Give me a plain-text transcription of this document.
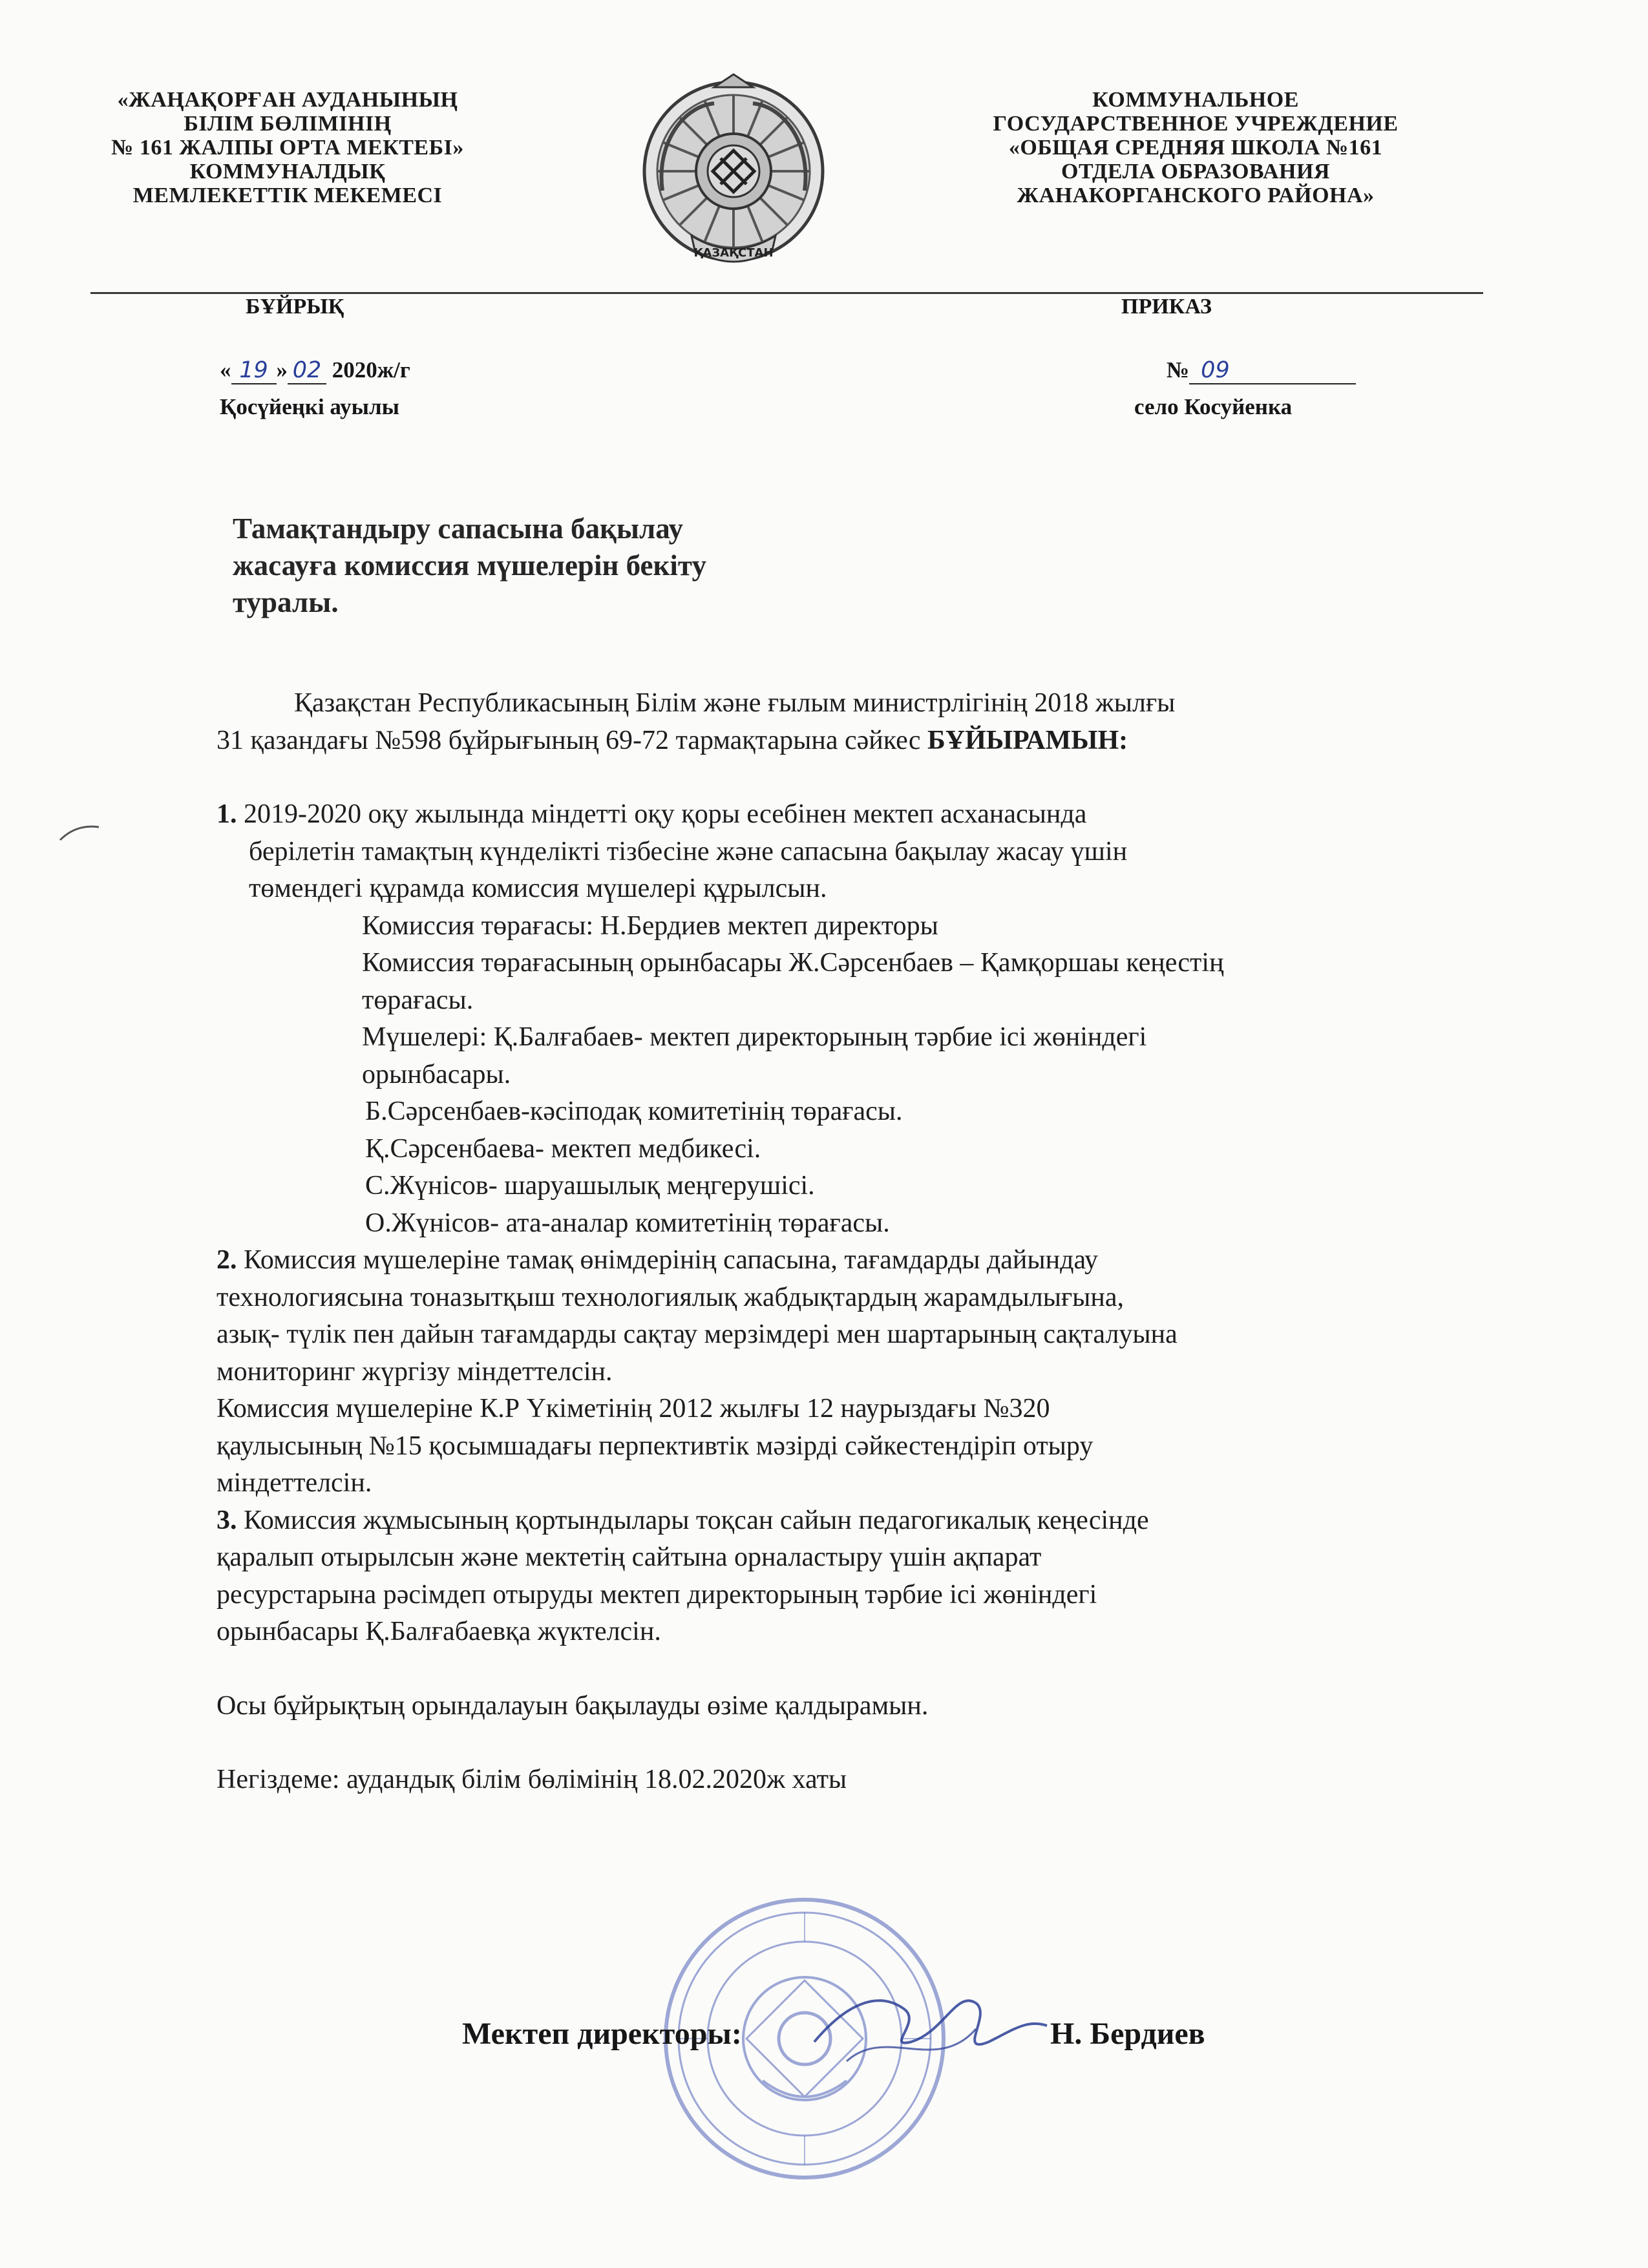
«ЖАҢАҚОРҒАН АУДАНЫНЫҢ
БІЛІМ БӨЛІМІНІҢ
№ 161 ЖАЛПЫ ОРТА МЕКТЕБІ»
КОММУНАЛДЫҚ
МЕМЛЕКЕТТІК МЕКЕМЕСІ
ҚАЗАҚСТАН
КОММУНАЛЬНОЕ
ГОСУДАРСТВЕННОЕ УЧРЕЖДЕНИЕ
«ОБЩАЯ СРЕДНЯЯ ШКОЛА №161
ОТДЕЛА ОБРАЗОВАНИЯ
ЖАНАКОРГАНСКОГО РАЙОНА»
БҰЙРЫҚ	ПРИКАЗ
« 19 » 02 2020ж/г	№ 09
Қосүйеңкі ауылы	село Косуйенка
Тамақтандыру сапасына бақылау
жасауға комиссия мүшелерін бекіту
туралы.
Қазақстан Республикасының Білім және ғылым министрлігінің 2018 жылғы
31 қазандағы №598 бұйрығының 69-72 тармақтарына сәйкес БҰЙЫРАМЫН:
1. 2019-2020 оқу жылында міндетті оқу қоры есебінен мектеп асханасында
берілетін тамақтың күнделікті тізбесіне және сапасына бақылау жасау үшін
төмендегі құрамда комиссия мүшелері құрылсын.
Комиссия төрағасы: Н.Бердиев мектеп директоры
Комиссия төрағасының орынбасары Ж.Сәрсенбаев – Қамқоршаы кеңестің
төрағасы.
Мүшелері: Қ.Балғабаев- мектеп директорының тәрбие ісі жөніндегі
орынбасары.
Б.Сәрсенбаев-кәсіподақ комитетінің төрағасы.
Қ.Сәрсенбаева- мектеп медбикесі.
С.Жүнісов- шаруашылық меңгерушісі.
О.Жүнісов- ата-аналар комитетінің төрағасы.
2. Комиссия мүшелеріне тамақ өнімдерінің сапасына, тағамдарды дайындау
технологиясына тоназытқыш технологиялық жабдықтардың жарамдылығына,
азық- түлік пен дайын тағамдарды сақтау мерзімдері мен шартарының сақталуына
мониторинг жүргізу міндеттелсін.
Комиссия мүшелеріне К.Р Үкіметінің 2012 жылғы 12 наурыздағы №320
қаулысының №15 қосымшадағы перпективтік мәзірді сәйкестендіріп отыру
міндеттелсін.
3. Комиссия жұмысының қортындылары тоқсан сайын педагогикалық кеңесінде
қаралып отырылсын және мектетің сайтына орналастыру үшін ақпарат
ресурстарына рәсімдеп отыруды мектеп директорының тәрбие ісі жөніндегі
орынбасары Қ.Балғабаевқа жүктелсін.
Осы бұйрықтың орындалауын бақылауды өзіме қалдырамын.
Негіздеме: аудандық білім бөлімінің 18.02.2020ж хаты
Мектеп директоры:	Н. Бердиев
